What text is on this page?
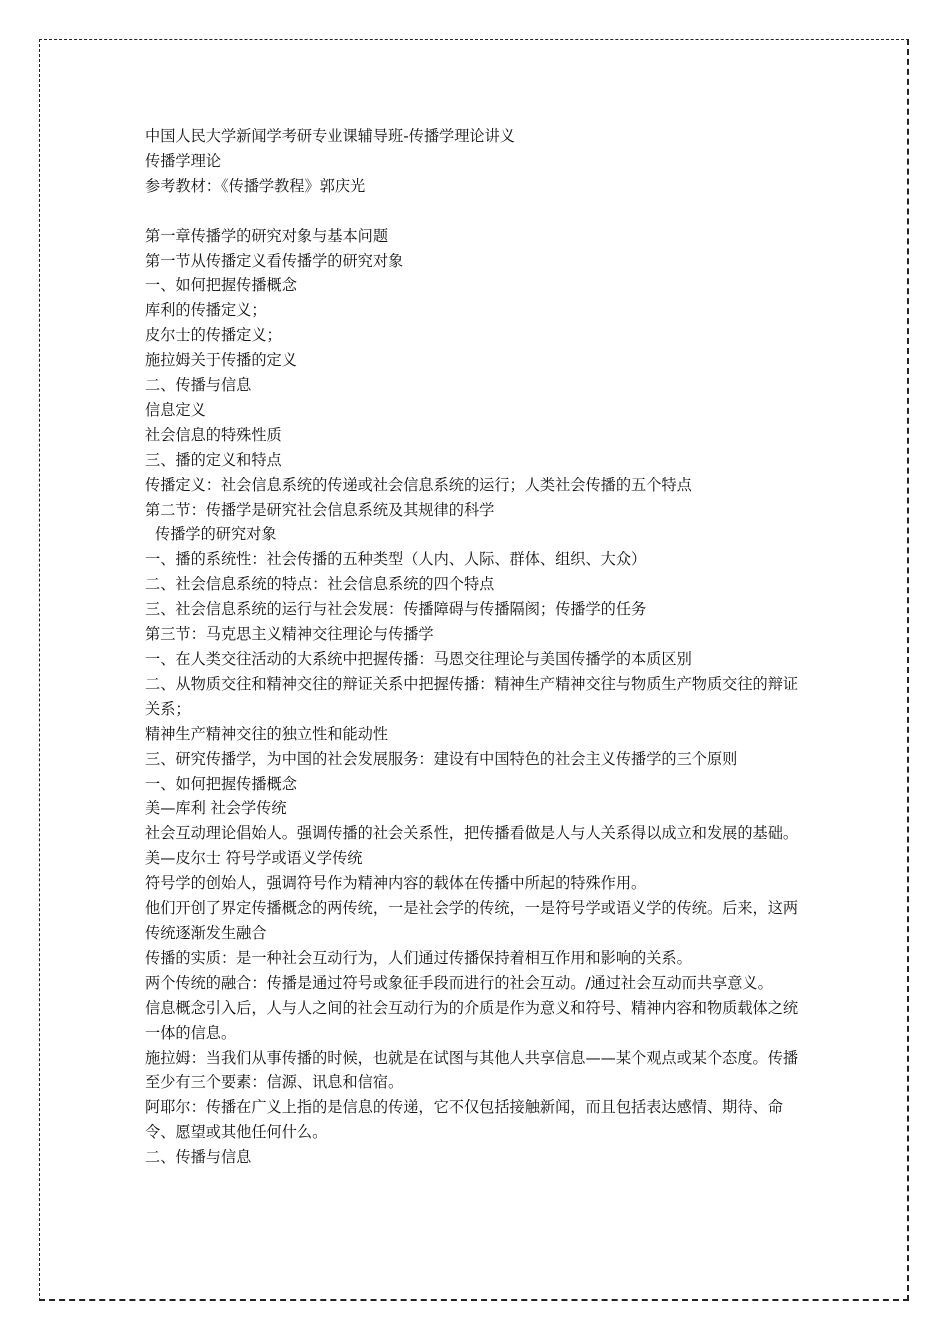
中国人民大学新闻学考研专业课辅导班-传播学理论讲义
传播学理论
参考教材：《传播学教程》郭庆光
第一章传播学的研究对象与基本问题
第一节从传播定义看传播学的研究对象
一、如何把握传播概念
库利的传播定义；
皮尔士的传播定义；
施拉姆关于传播的定义
二、传播与信息
信息定义
社会信息的特殊性质
三、播的定义和特点
传播定义：社会信息系统的传递或社会信息系统的运行；人类社会传播的五个特点
第二节：传播学是研究社会信息系统及其规律的科学
传播学的研究对象
一、播的系统性：社会传播的五种类型（人内、人际、群体、组织、大众）
二、社会信息系统的特点：社会信息系统的四个特点
三、社会信息系统的运行与社会发展：传播障碍与传播隔阂；传播学的任务
第三节：马克思主义精神交往理论与传播学
一、在人类交往活动的大系统中把握传播：马恩交往理论与美国传播学的本质区别
二、从物质交往和精神交往的辩证关系中把握传播：精神生产精神交往与物质生产物质交往的辩证关系；
精神生产精神交往的独立性和能动性
三、研究传播学，为中国的社会发展服务：建设有中国特色的社会主义传播学的三个原则
一、如何把握传播概念
美—库利 社会学传统
社会互动理论倡始人。强调传播的社会关系性，把传播看做是人与人关系得以成立和发展的基础。
美—皮尔士 符号学或语义学传统
符号学的创始人，强调符号作为精神内容的载体在传播中所起的特殊作用。
他们开创了界定传播概念的两传统，一是社会学的传统，一是符号学或语义学的传统。后来，这两传统逐渐发生融合
传播的实质：是一种社会互动行为，人们通过传播保持着相互作用和影响的关系。
两个传统的融合：传播是通过符号或象征手段而进行的社会互动。/通过社会互动而共享意义。
信息概念引入后，人与人之间的社会互动行为的介质是作为意义和符号、精神内容和物质载体之统一体的信息。
施拉姆：当我们从事传播的时候，也就是在试图与其他人共享信息——某个观点或某个态度。传播至少有三个要素：信源、讯息和信宿。
阿耶尔：传播在广义上指的是信息的传递，它不仅包括接触新闻，而且包括表达感情、期待、命令、愿望或其他任何什么。
二、传播与信息
